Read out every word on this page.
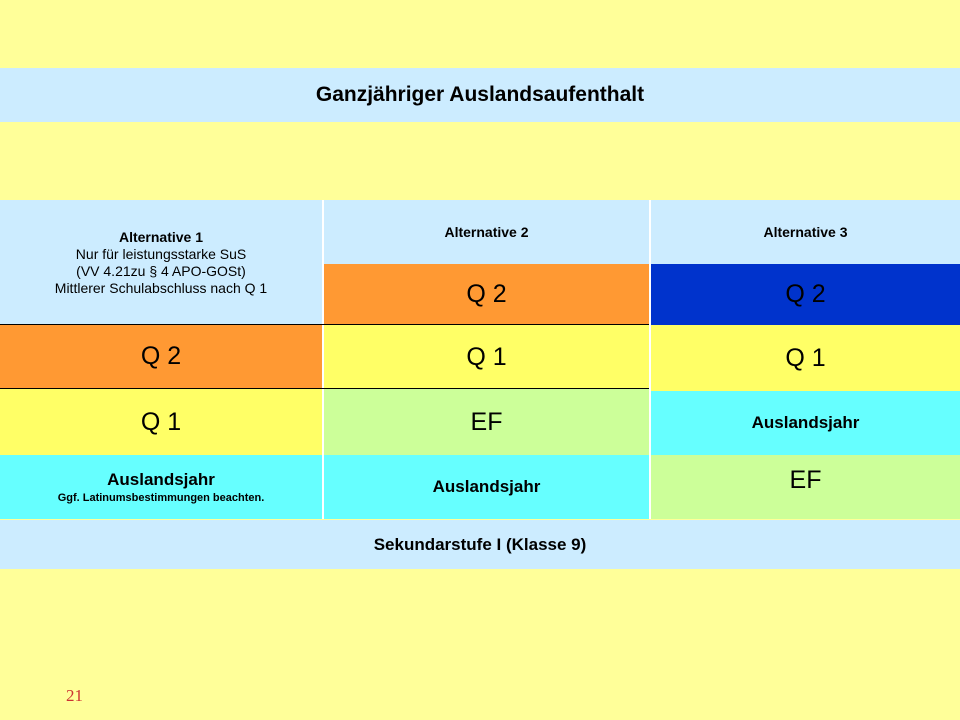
Ganzjähriger Auslandsaufenthalt
Alternative 1
Nur für leistungsstarke SuS
(VV 4.21zu § 4 APO-GOSt)
Mittlerer Schulabschluss nach Q 1
Q 2
Q 1
Auslandsjahr
Ggf. Latinumsbestimmungen beachten.
Alternative 2
Q 2
Q 1
EF
Auslandsjahr
Alternative 3
Q 2
Q 1
Auslandsjahr
EF
Sekundarstufe I (Klasse 9)
21
